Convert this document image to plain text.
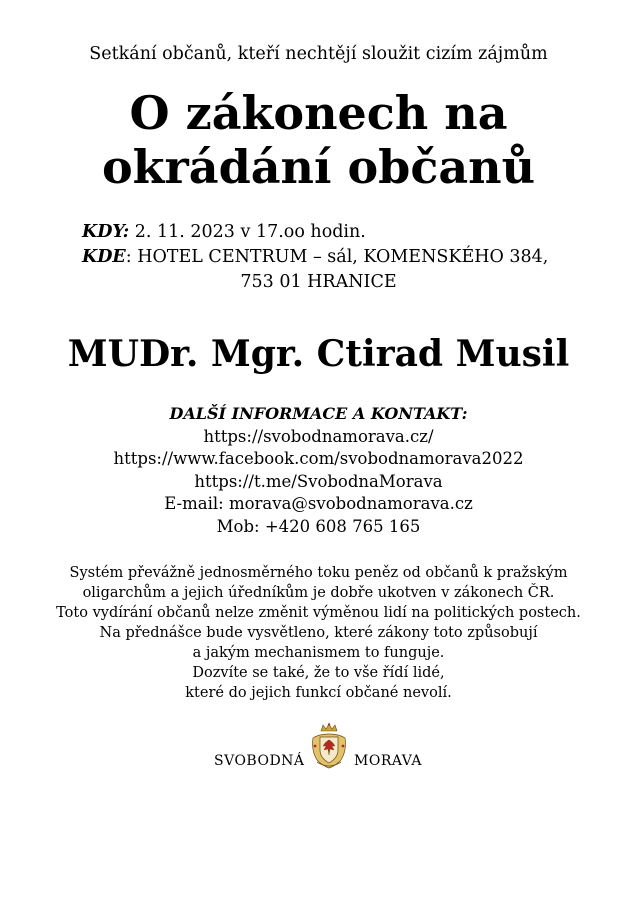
Setkání občanů, kteří nechtějí sloužit cizím zájmům
O zákonech na
okrádání občanů
KDY: 2. 11. 2023 v 17.oo hodin.
KDE: HOTEL CENTRUM – sál, KOMENSKÉHO 384,
753 01 HRANICE
MUDr. Mgr. Ctirad Musil
DALŠÍ INFORMACE A KONTAKT:
https://svobodnamorava.cz/
https://www.facebook.com/svobodnamorava2022
https://t.me/SvobodnaMorava
E-mail: morava@svobodnamorava.cz
Mob: +420 608 765 165
Systém převážně jednosměrného toku peněz od občanů k pražským
oligarchům a jejich úředníkům je dobře ukotven v zákonech ČR.
Toto vydírání občanů nelze změnit výměnou lidí na politických postech.
Na přednášce bude vysvětleno, které zákony toto způsobují
a jakým mechanismem to funguje.
Dozvíte se také, že to vše řídí lidé,
které do jejich funkcí občané nevolí.
SVOBODNÁ	MORAVA
